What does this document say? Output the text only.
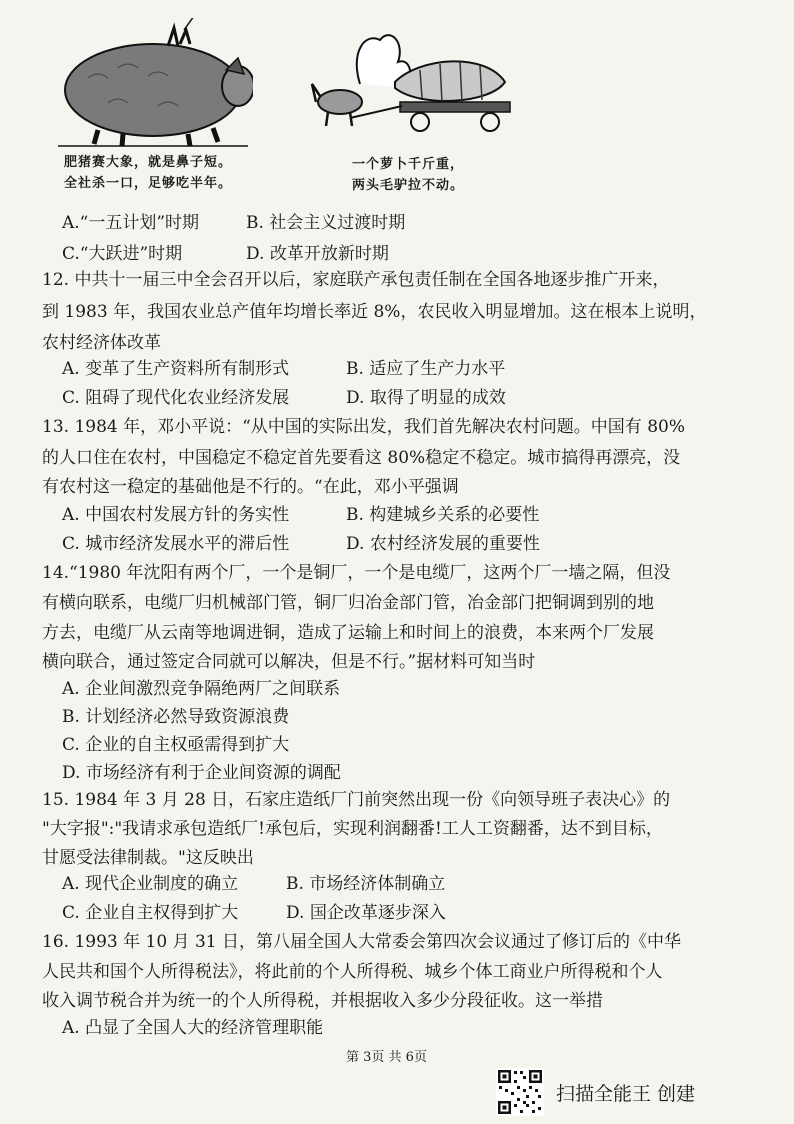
肥猪赛大象，就是鼻子短。
全社杀一口，足够吃半年。
一个萝卜千斤重，
两头毛驴拉不动。
A.“一五计划”时期	B. 社会主义过渡时期
C.“大跃进”时期	D. 改革开放新时期
12. 中共十一届三中全会召开以后，家庭联产承包责任制在全国各地逐步推广开来，
到 1983 年，我国农业总产值年均增长率近 8%，农民收入明显增加。这在根本上说明，
农村经济体改革
A. 变革了生产资料所有制形式	B. 适应了生产力水平
C. 阻碍了现代化农业经济发展	D. 取得了明显的成效
13. 1984 年，邓小平说：“从中国的实际出发，我们首先解决农村问题。中国有 80%
的人口住在农村，中国稳定不稳定首先要看这 80%稳定不稳定。城市搞得再漂亮，没
有农村这一稳定的基础他是不行的。“在此，邓小平强调
A. 中国农村发展方针的务实性	B. 构建城乡关系的必要性
C. 城市经济发展水平的滞后性	D. 农村经济发展的重要性
14.“1980 年沈阳有两个厂，一个是铜厂，一个是电缆厂，这两个厂一墙之隔，但没
有横向联系，电缆厂归机械部门管，铜厂归冶金部门管，冶金部门把铜调到别的地
方去，电缆厂从云南等地调进铜，造成了运输上和时间上的浪费，本来两个厂发展
横向联合，通过签定合同就可以解决，但是不行。”据材料可知当时
A. 企业间激烈竞争隔绝两厂之间联系
B. 计划经济必然导致资源浪费
C. 企业的自主权亟需得到扩大
D. 市场经济有利于企业间资源的调配
15. 1984 年 3 月 28 日，石家庄造纸厂门前突然出现一份《向领导班子表决心》的
"大字报":"我请求承包造纸厂!承包后，实现利润翻番!工人工资翻番，达不到目标，
甘愿受法律制裁。"这反映出
A. 现代企业制度的确立	B. 市场经济体制确立
C. 企业自主权得到扩大	D. 国企改革逐步深入
16. 1993 年 10 月 31 日，第八届全国人大常委会第四次会议通过了修订后的《中华
人民共和国个人所得税法》，将此前的个人所得税、城乡个体工商业户所得税和个人
收入调节税合并为统一的个人所得税，并根据收入多少分段征收。这一举措
A. 凸显了全国人大的经济管理职能
第 3页 共 6页
扫描全能王 创建
